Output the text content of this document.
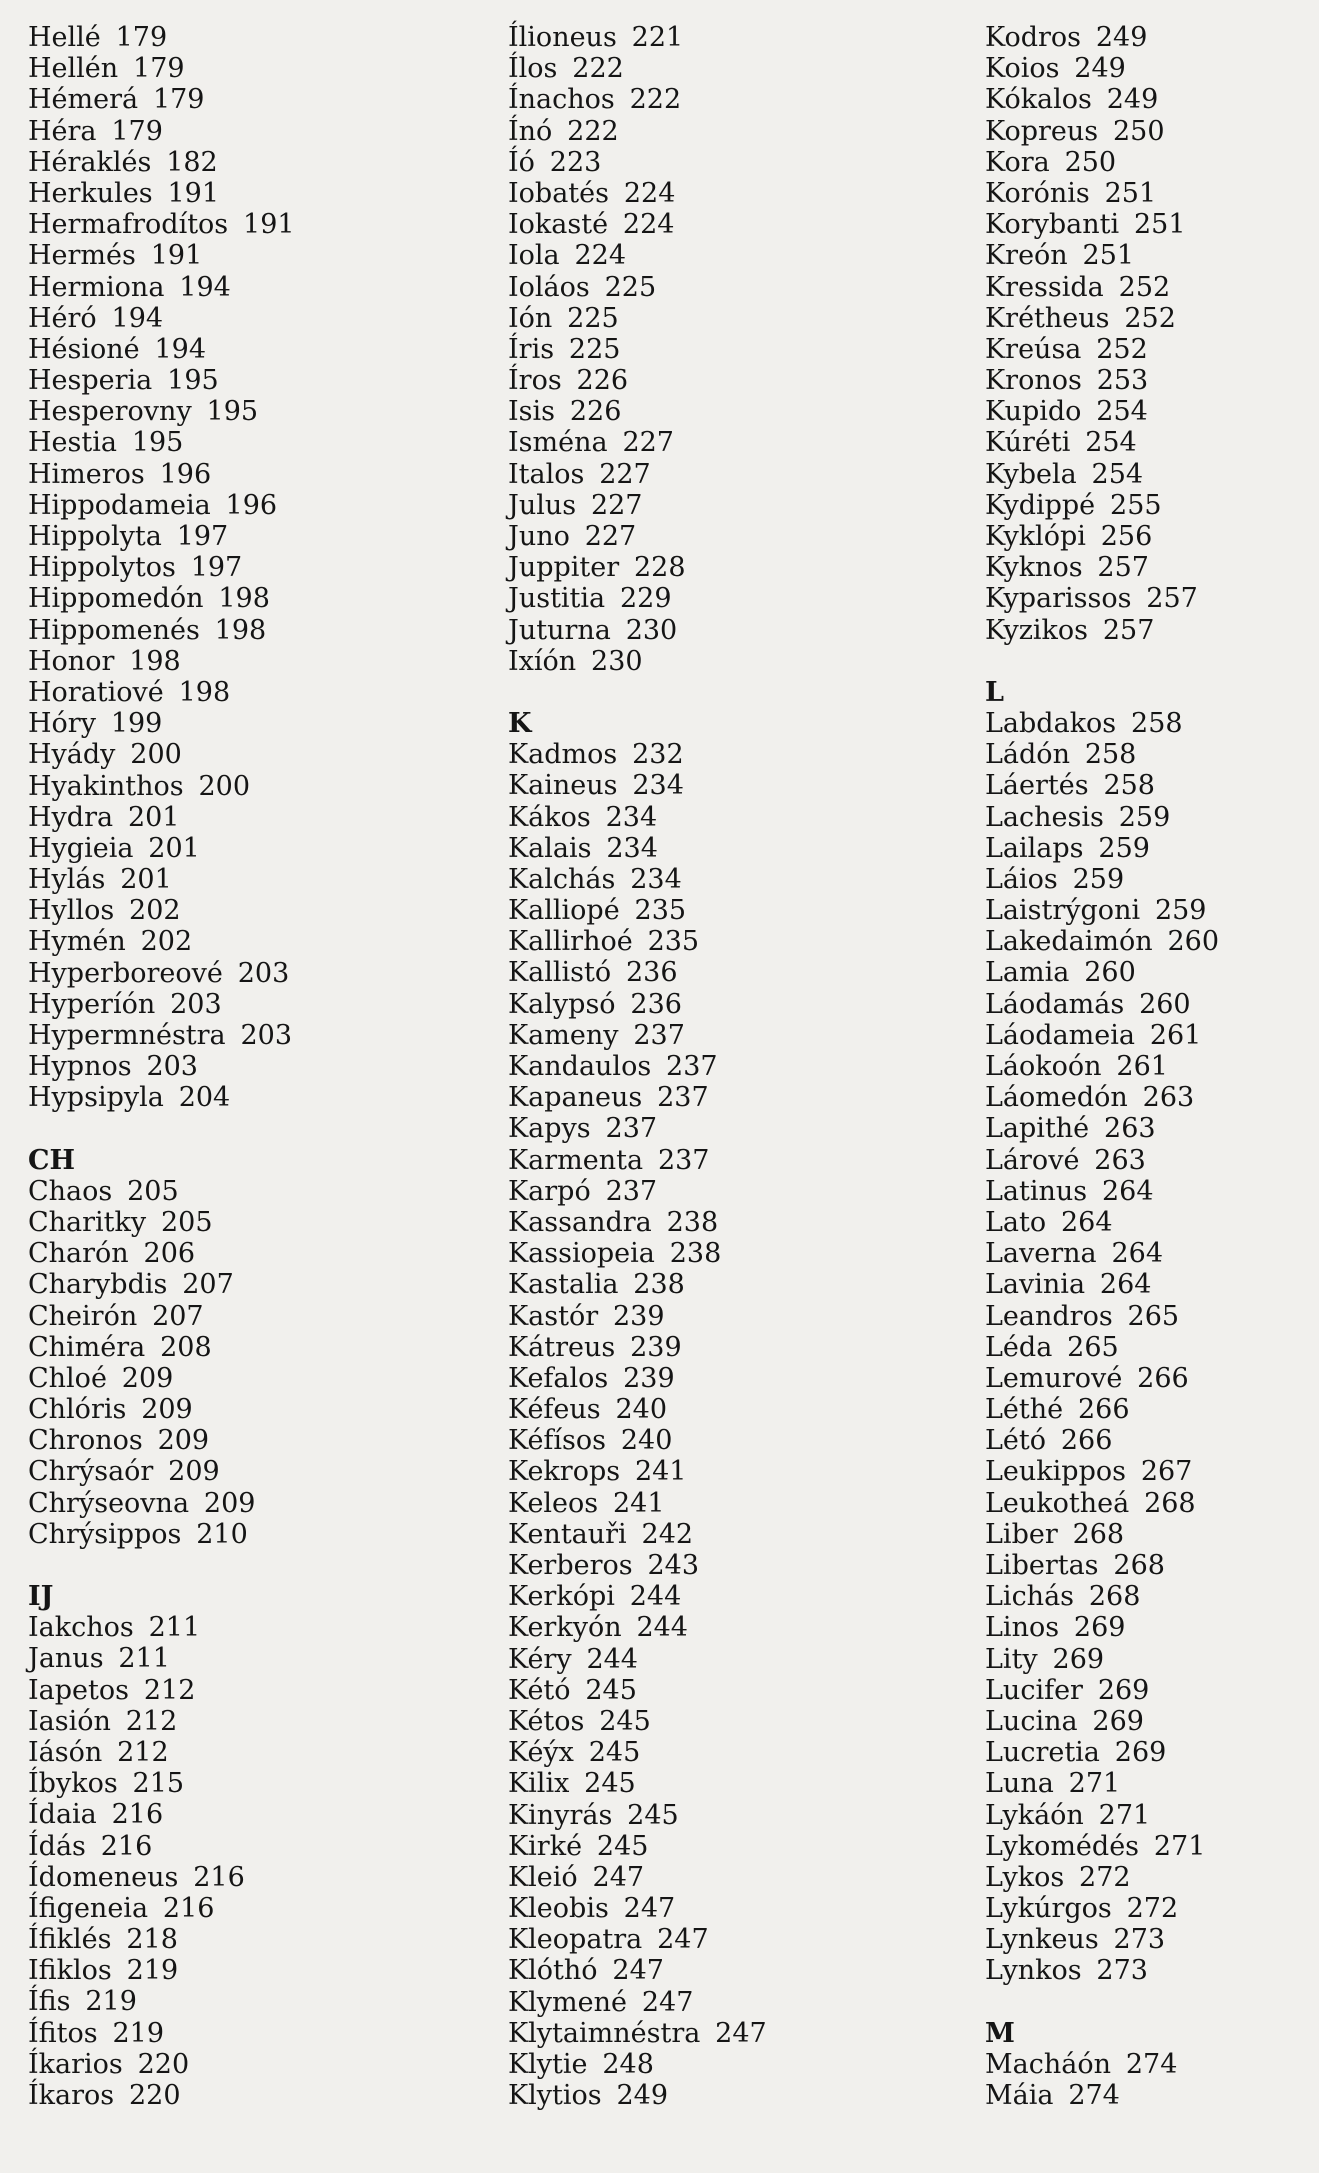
Hellé 179
Hellén 179
Hémerá 179
Héra 179
Héraklés 182
Herkules 191
Hermafrodítos 191
Hermés 191
Hermiona 194
Héró 194
Hésioné 194
Hesperia 195
Hesperovny 195
Hestia 195
Himeros 196
Hippodameia 196
Hippolyta 197
Hippolytos 197
Hippomedón 198
Hippomenés 198
Honor 198
Horatiové 198
Hóry 199
Hyády 200
Hyakinthos 200
Hydra 201
Hygieia 201
Hylás 201
Hyllos 202
Hymén 202
Hyperboreové 203
Hyperíón 203
Hypermnéstra 203
Hypnos 203
Hypsipyla 204
CH
Chaos 205
Charitky 205
Charón 206
Charybdis 207
Cheirón 207
Chiméra 208
Chloé 209
Chlóris 209
Chronos 209
Chrýsaór 209
Chrýseovna 209
Chrýsippos 210
IJ
Iakchos 211
Janus 211
Iapetos 212
Iasión 212
Iásón 212
Íbykos 215
Ídaia 216
Ídás 216
Ídomeneus 216
Ífigeneia 216
Ífiklés 218
Ifiklos 219
Ífis 219
Ífitos 219
Íkarios 220
Íkaros 220
Ílioneus 221
Ílos 222
Ínachos 222
Ínó 222
Íó 223
Iobatés 224
Iokasté 224
Iola 224
Ioláos 225
Ión 225
Íris 225
Íros 226
Isis 226
Isména 227
Italos 227
Julus 227
Juno 227
Juppiter 228
Justitia 229
Juturna 230
Ixíón 230
K
Kadmos 232
Kaineus 234
Kákos 234
Kalais 234
Kalchás 234
Kalliopé 235
Kallirhoé 235
Kallistó 236
Kalypsó 236
Kameny 237
Kandaulos 237
Kapaneus 237
Kapys 237
Karmenta 237
Karpó 237
Kassandra 238
Kassiopeia 238
Kastalia 238
Kastór 239
Kátreus 239
Kefalos 239
Kéfeus 240
Kéfísos 240
Kekrops 241
Keleos 241
Kentauři 242
Kerberos 243
Kerkópi 244
Kerkyón 244
Kéry 244
Kétó 245
Kétos 245
Kéýx 245
Kilix 245
Kinyrás 245
Kirké 245
Kleió 247
Kleobis 247
Kleopatra 247
Klóthó 247
Klymené 247
Klytaimnéstra 247
Klytie 248
Klytios 249
Kodros 249
Koios 249
Kókalos 249
Kopreus 250
Kora 250
Korónis 251
Korybanti 251
Kreón 251
Kressida 252
Krétheus 252
Kreúsa 252
Kronos 253
Kupido 254
Kúréti 254
Kybela 254
Kydippé 255
Kyklópi 256
Kyknos 257
Kyparissos 257
Kyzikos 257
L
Labdakos 258
Ládón 258
Láertés 258
Lachesis 259
Lailaps 259
Láios 259
Laistrýgoni 259
Lakedaimón 260
Lamia 260
Láodamás 260
Láodameia 261
Láokoón 261
Láomedón 263
Lapithé 263
Lárové 263
Latinus 264
Lato 264
Laverna 264
Lavinia 264
Leandros 265
Léda 265
Lemurové 266
Léthé 266
Létó 266
Leukippos 267
Leukotheá 268
Liber 268
Libertas 268
Lichás 268
Linos 269
Lity 269
Lucifer 269
Lucina 269
Lucretia 269
Luna 271
Lykáón 271
Lykomédés 271
Lykos 272
Lykúrgos 272
Lynkeus 273
Lynkos 273
M
Macháón 274
Máia 274
